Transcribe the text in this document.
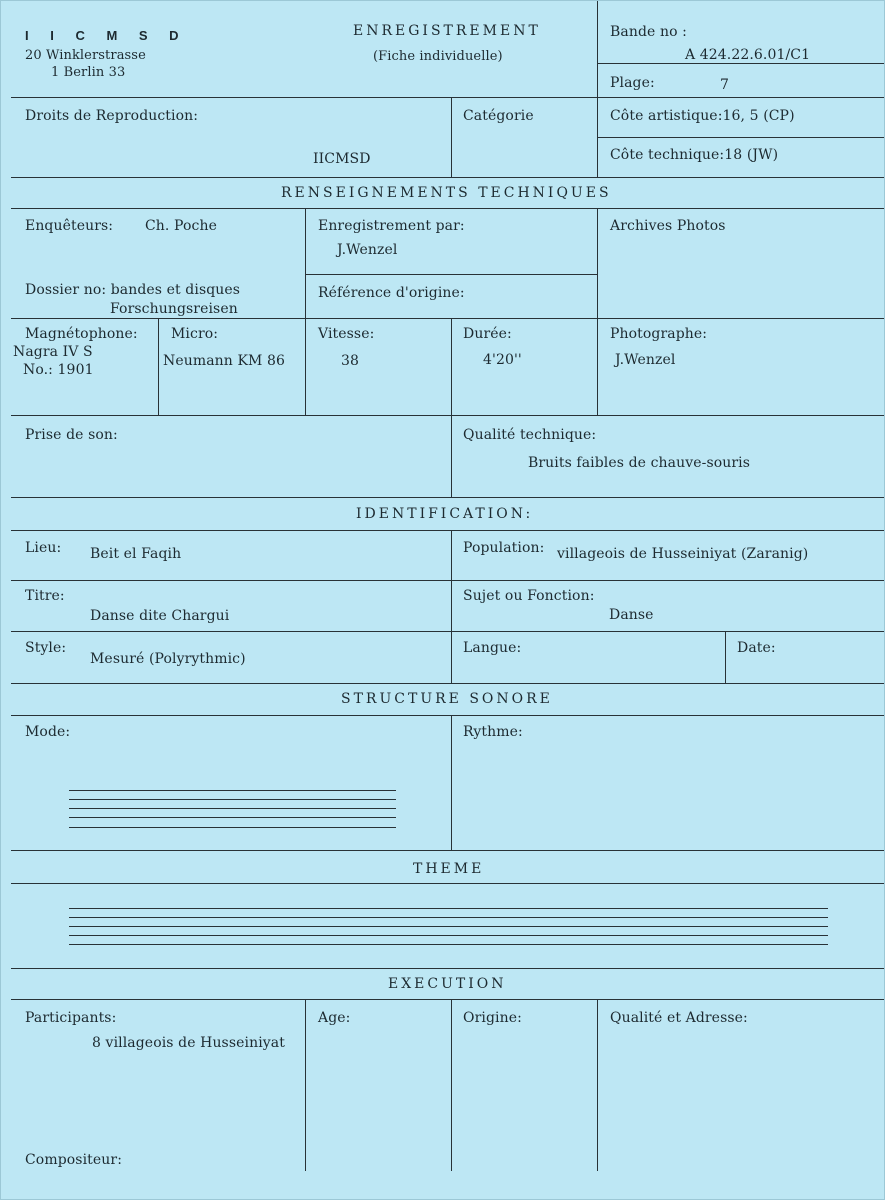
I I C M S D
20 Winklerstrasse
1 Berlin 33
ENREGISTREMENT
(Fiche individuelle)
Bande no :
A 424.22.6.01/C1
Plage:	7
Droits de Reproduction:
IICMSD
Catégorie	Côte artistique:16, 5 (CP)
Côte technique:18 (JW)
RENSEIGNEMENTS TECHNIQUES
Enquêteurs: Ch. Poche	Enregistrement par:
J.Wenzel
Archives Photos
Dossier no: bandes et disques
Forschungsreisen
Référence d'origine:
Magnétophone:
Nagra IV S
No.: 1901
Micro:
Neumann KM 86
Vitesse:
38
Durée:
4'20''
Photographe:
J.Wenzel
Prise de son:	Qualité technique:
Bruits faibles de chauve-souris
IDENTIFICATION:
Lieu: Beit el Faqih	Population: villageois de Husseiniyat (Zaranig)
Titre:
Danse dite Chargui
Sujet ou Fonction:
Danse
Style:
Mesuré (Polyrythmic)
Langue:	Date:
STRUCTURE SONORE
Mode:	Rythme:
THEME
EXECUTION
Participants:
8 villageois de Husseiniyat
Age:	Origine:	Qualité et Adresse:
Compositeur:
